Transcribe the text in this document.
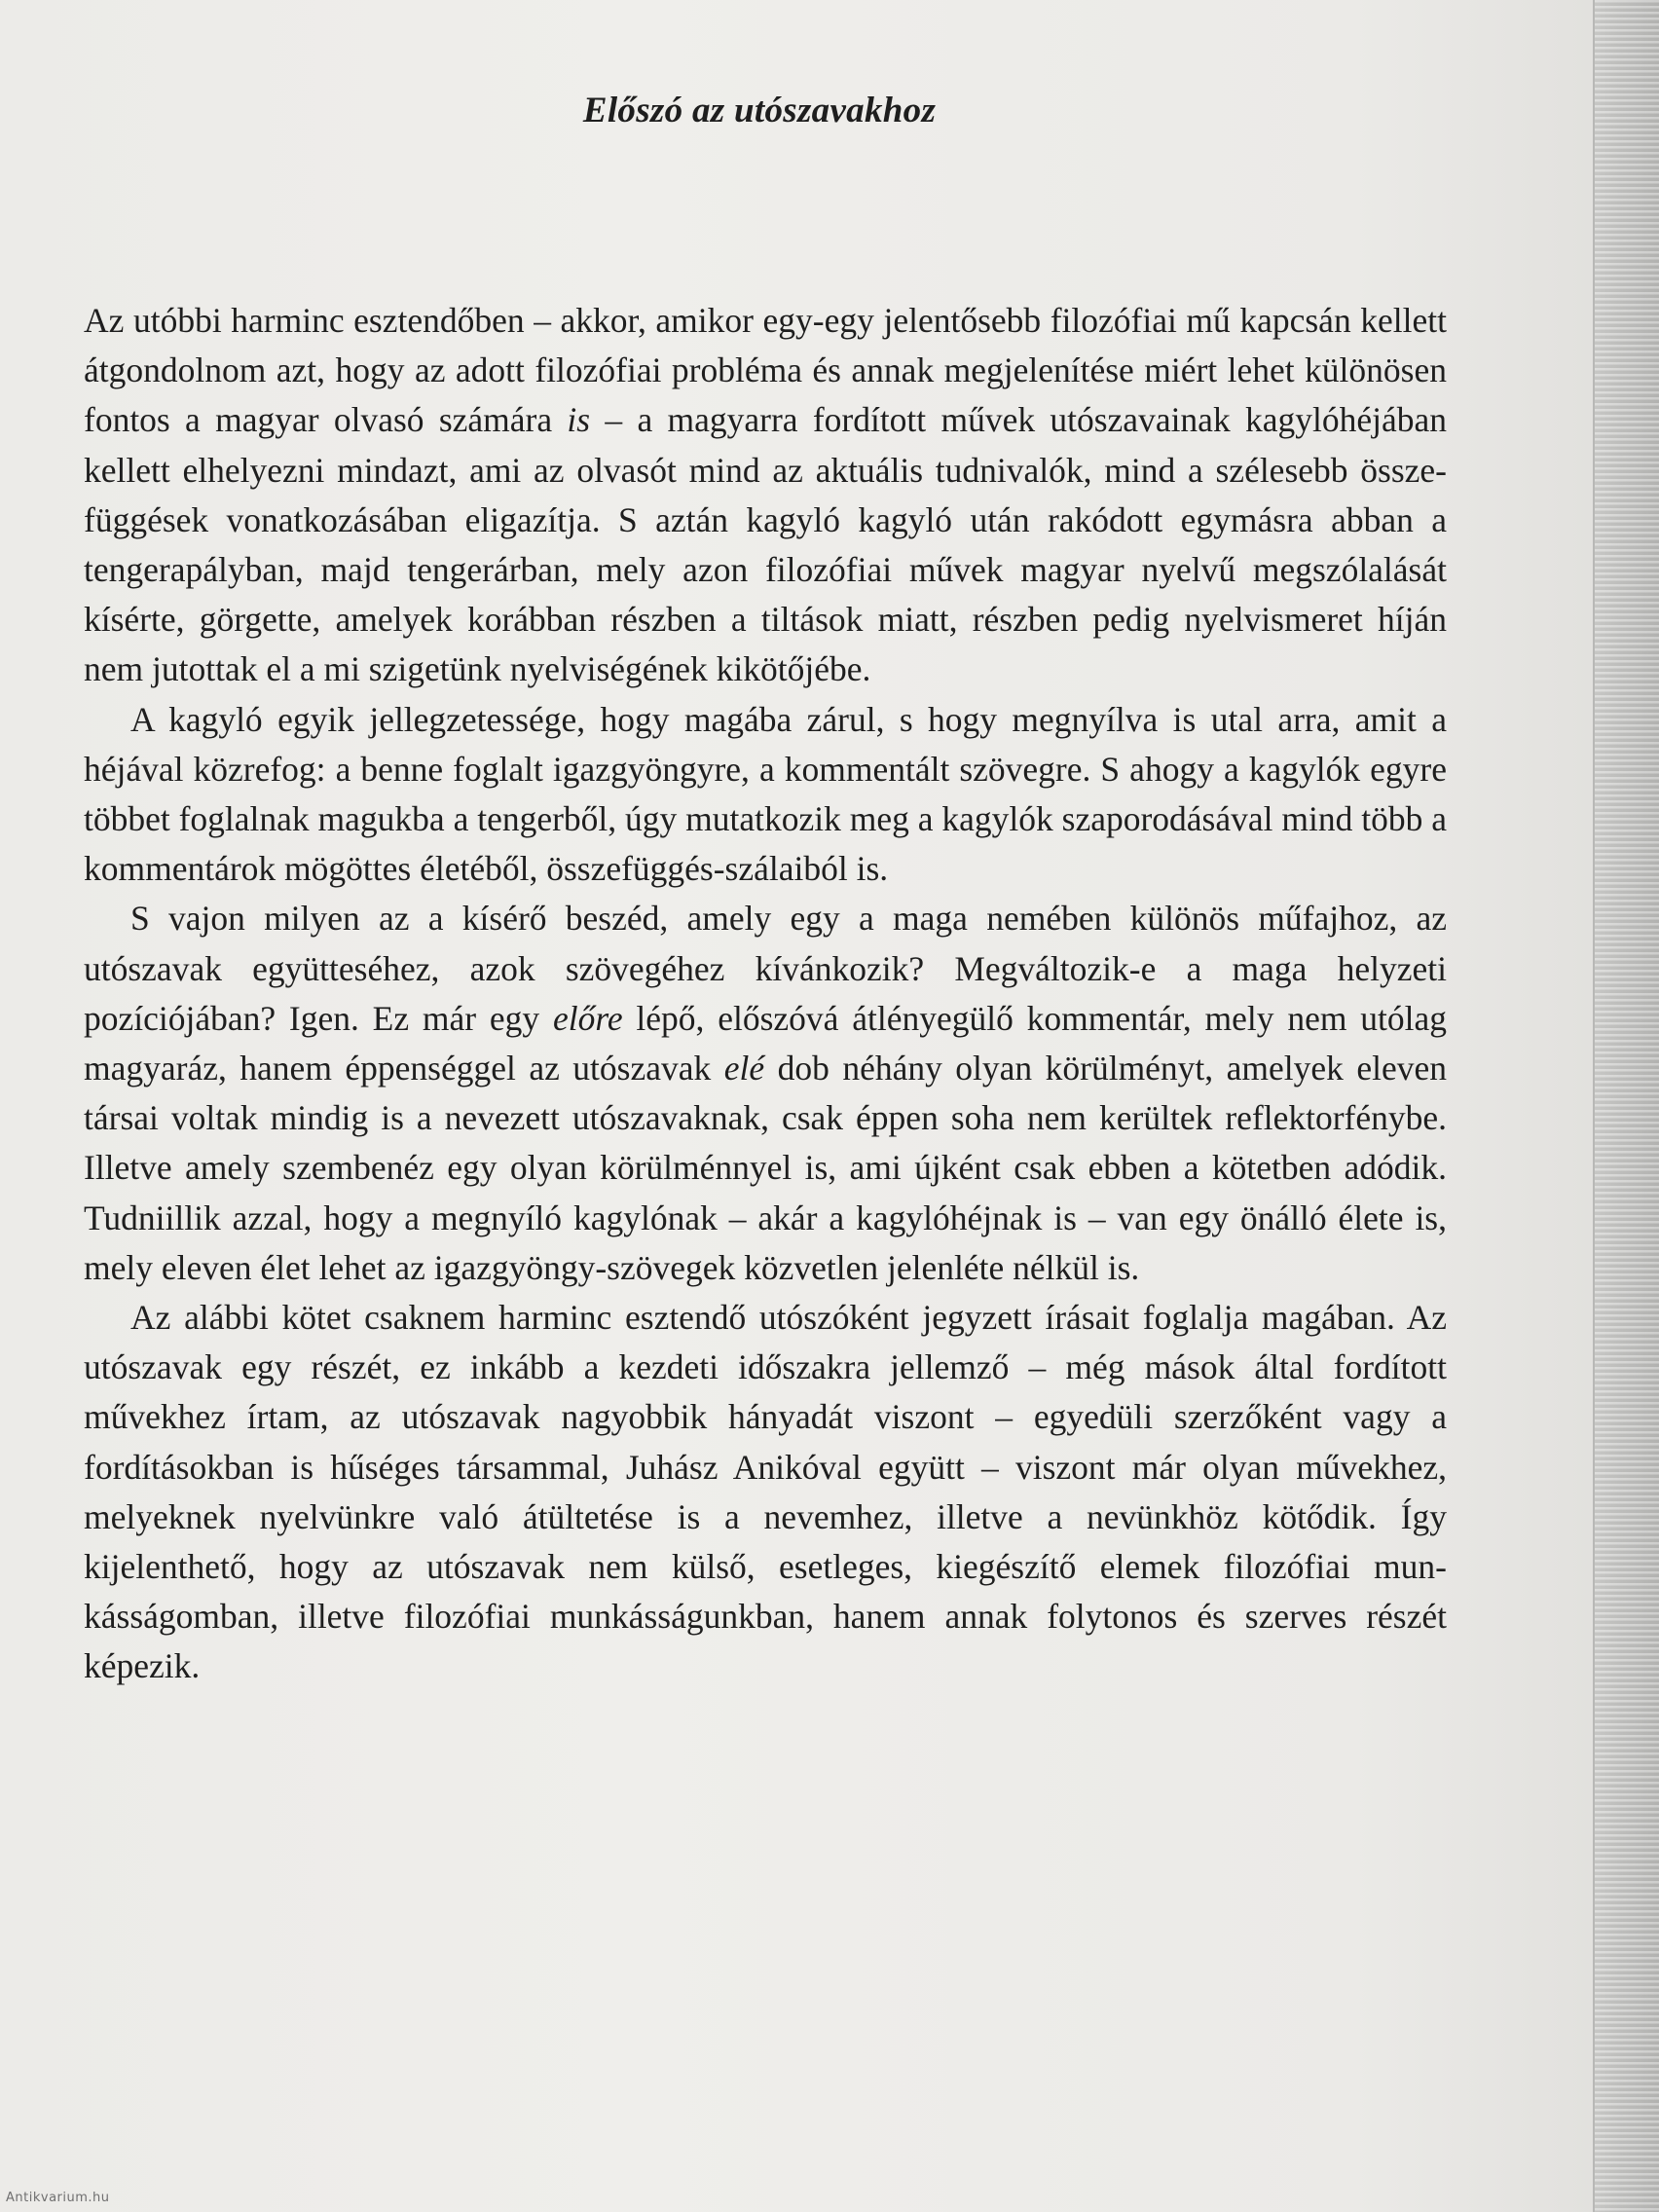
Előszó az utószavakhoz

Az utóbbi harminc esztendőben – akkor, amikor egy-egy jelentősebb filozófiai mű kapcsán kellett átgondolnom azt, hogy az adott filozófiai probléma és annak megjelenítése miért lehet különösen fontos a magyar olvasó számára is – a magyarra fordított művek utószavainak kagylóhéjában kellett elhelyezni mindazt, ami az olvasót mind az aktuális tudnivalók, mind a szélesebb összefüggések vonatkozásában eligazítja. S aztán kagyló kagyló után rakódott egymásra abban a tengerapályban, majd tengerárban, mely azon filozófiai művek magyar nyelvű megszólalását kísérte, görgette, amelyek korábban részben a tiltások miatt, részben pedig nyelvismeret híján nem jutottak el a mi szigetünk nyelviségének kikötőjébe.

A kagyló egyik jellegzetessége, hogy magába zárul, s hogy megnyílva is utal arra, amit a héjával közrefog: a benne foglalt igazgyöngyre, a kommentált szövegre. S ahogy a kagylók egyre többet foglalnak magukba a tengerből, úgy mutatkozik meg a kagylók szaporodásával mind több a kommentárok mögöttes életéből, összefüggés-szálaiból is.

S vajon milyen az a kísérő beszéd, amely egy a maga nemében különös műfajhoz, az utószavak együtteséhez, azok szövegéhez kívánkozik? Megváltozik-e a maga helyzeti pozíciójában? Igen. Ez már egy előre lépő, előszóvá átlényegülő kommentár, mely nem utólag magyaráz, hanem éppenséggel az utószavak elé dob néhány olyan körülményt, amelyek eleven társai voltak mindig is a nevezett utószavaknak, csak éppen soha nem kerültek reflektorfénybe. Illetve amely szembenéz egy olyan körülménnyel is, ami újként csak ebben a kötetben adódik. Tudniillik azzal, hogy a megnyíló kagylónak – akár a kagylóhéjnak is – van egy önálló élete is, mely eleven élet lehet az igazgyöngy-szövegek közvetlen jelenléte nélkül is.

Az alábbi kötet csaknem harminc esztendő utószóként jegyzett írásait foglalja magában. Az utószavak egy részét, ez inkább a kezdeti időszakra jellemző – még mások által fordított művekhez írtam, az utószavak nagyobbik hányadát viszont – egyedüli szerzőként vagy a fordításokban is hűséges társammal, Juhász Anikóval együtt – viszont már olyan művekhez, melyeknek nyelvünkre való átültetése is a nevemhez, illetve a nevünkhöz kötődik. Így kijelenthető, hogy az utószavak nem külső, esetleges, kiegészítő elemek filozófiai munkásságomban, illetve filozófiai munkásságunkban, hanem annak folytonos és szerves részét képezik.

Antikvarium.hu
